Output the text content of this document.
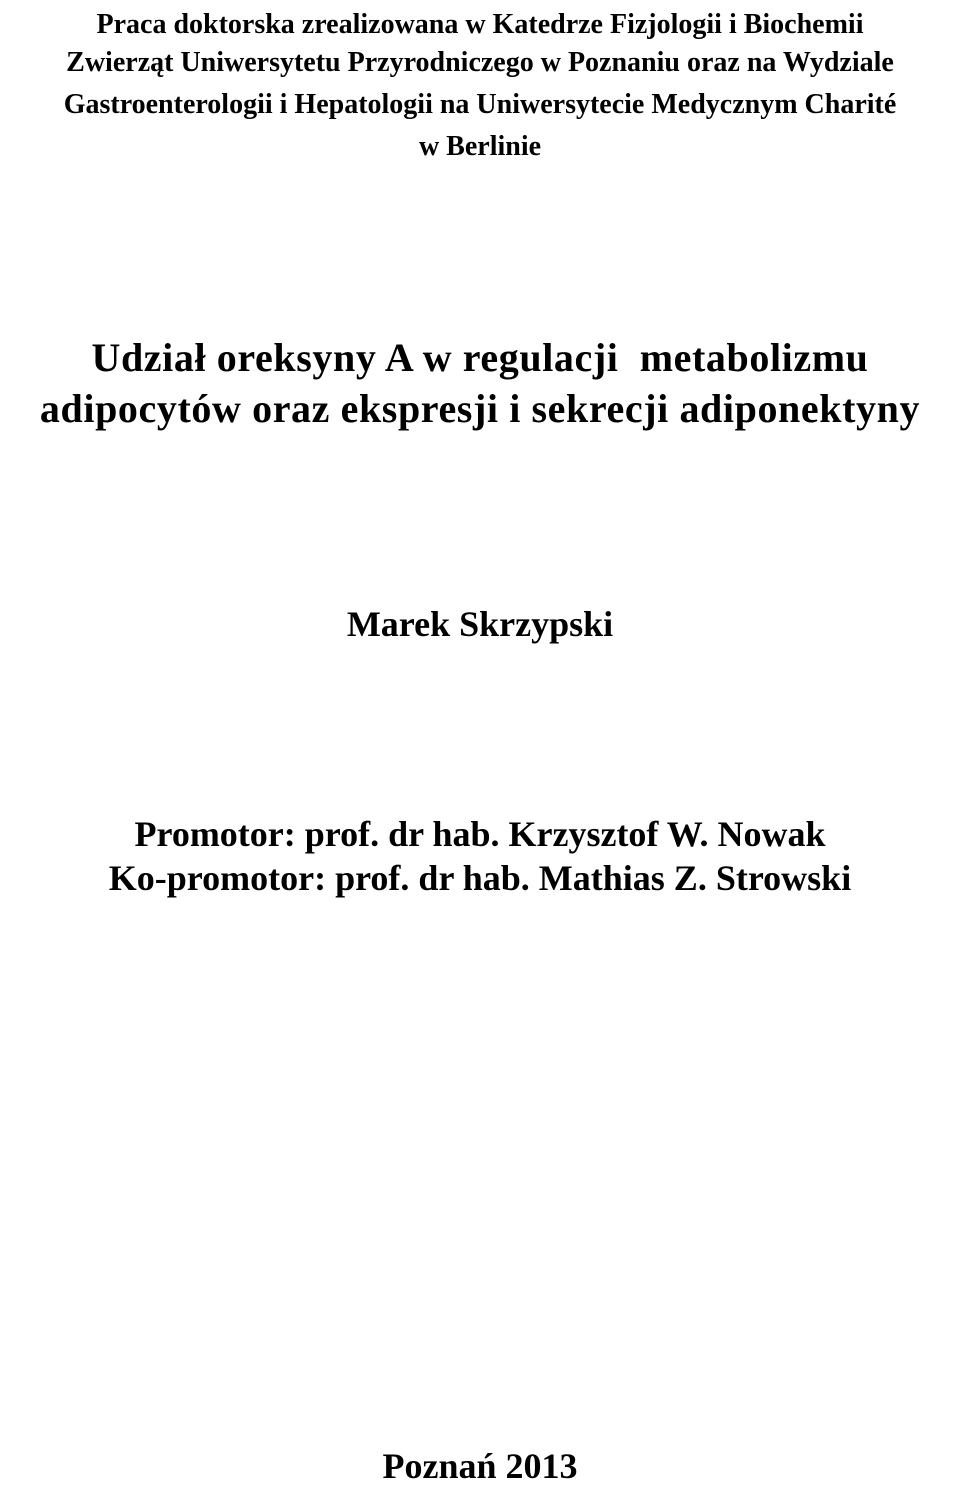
Praca doktorska zrealizowana w Katedrze Fizjologii i Biochemii
Zwierząt Uniwersytetu Przyrodniczego w Poznaniu oraz na Wydziale
Gastroenterologii i Hepatologii na Uniwersytecie Medycznym Charité
w Berlinie
Udział oreksyny A w regulacji  metabolizmu
adipocytów oraz ekspresji i sekrecji adiponektyny
Marek Skrzypski
Promotor: prof. dr hab. Krzysztof W. Nowak
Ko-promotor: prof. dr hab. Mathias Z. Strowski
Poznań 2013
